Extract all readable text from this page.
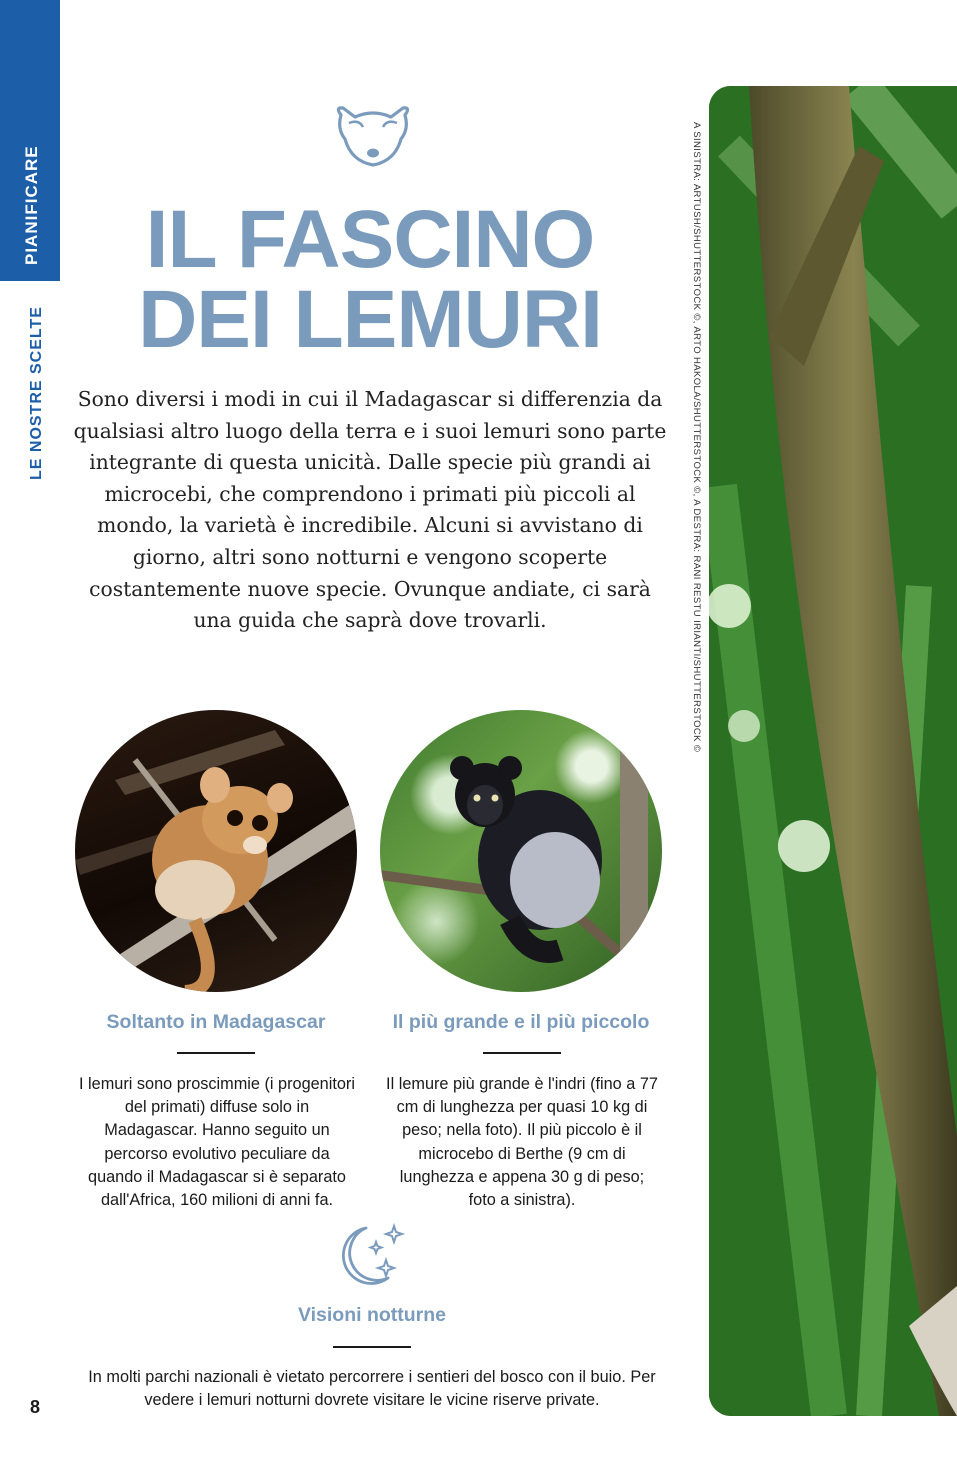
PIANIFICARE
LE NOSTRE SCELTE
8
A SINISTRA: ARTUSH/SHUTTERSTOCK ©, ARTO HAKOLA/SHUTTERSTOCK ©, A DESTRA: RANI RESTU IRIANTI/SHUTTERSTOCK ©
IL FASCINO
DEI LEMURI
Sono diversi i modi in cui il Madagascar si differenzia da qualsiasi altro luogo della terra e i suoi lemuri sono parte integrante di questa unicità. Dalle specie più grandi ai microcebi, che comprendono i primati più piccoli al mondo, la varietà è incredibile. Alcuni si avvistano di giorno, altri sono notturni e vengono scoperte costantemente nuove specie. Ovunque andiate, ci sarà una guida che saprà dove trovarli.
Soltanto in Madagascar
I lemuri sono proscimmie (i progenitori del primati) diffuse solo in Madagascar. Hanno seguito un percorso evolutivo peculiare da quando il Madagascar si è separato dall'Africa, 160 milioni di anni fa.
Il più grande e il più piccolo
Il lemure più grande è l'indri (fino a 77 cm di lunghezza per quasi 10 kg di peso; nella foto). Il più piccolo è il microcebo di Berthe (9 cm di lunghezza e appena 30 g di peso; foto a sinistra).
Visioni notturne
In molti parchi nazionali è vietato percorrere i sentieri del bosco con il buio. Per vedere i lemuri notturni dovrete visitare le vicine riserve private.
